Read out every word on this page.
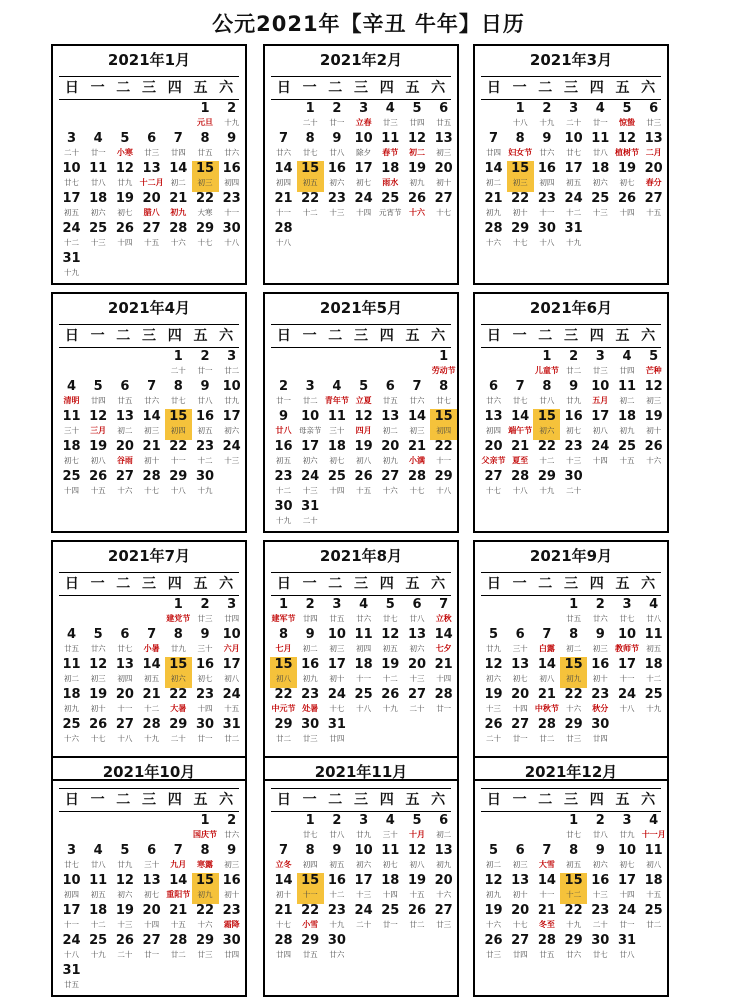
公元2021年【辛丑 牛年】日历
2021年1月
日 一 二 三 四 五 六
1
元旦
2
十九
3
二十
4
廿一
5
小寒
6
廿三
7
廿四
8
廿五
9
廿六
10
廿七
11
廿八
12
廿九
13
十二月
14
初二
15
初三
16
初四
17
初五
18
初六
19
初七
20
腊八
21
初九
22
大寒
23
十一
24
十二
25
十三
26
十四
27
十五
28
十六
29
十七
30
十八
31
十九
2021年2月
日 一 二 三 四 五 六
1
二十
2
廿一
3
立春
4
廿三
5
廿四
6
廿五
7
廿六
8
廿七
9
廿八
10
除夕
11
春节
12
初二
13
初三
14
初四
15
初五
16
初六
17
初七
18
雨水
19
初九
20
初十
21
十一
22
十二
23
十三
24
十四
25
元宵节
26
十六
27
十七
28
十八
2021年3月
日 一 二 三 四 五 六
1
十八
2
十九
3
二十
4
廿一
5
惊蛰
6
廿三
7
廿四
8
妇女节
9
廿六
10
廿七
11
廿八
12
植树节
13
二月
14
初二
15
初三
16
初四
17
初五
18
初六
19
初七
20
春分
21
初九
22
初十
23
十一
24
十二
25
十三
26
十四
27
十五
28
十六
29
十七
30
十八
31
十九
2021年4月
日 一 二 三 四 五 六
1
二十
2
廿一
3
廿二
4
清明
5
廿四
6
廿五
7
廿六
8
廿七
9
廿八
10
廿九
11
三十
12
三月
13
初二
14
初三
15
初四
16
初五
17
初六
18
初七
19
初八
20
谷雨
21
初十
22
十一
23
十二
24
十三
25
十四
26
十五
27
十六
28
十七
29
十八
30
十九
2021年5月
日 一 二 三 四 五 六
1
劳动节
2
廿一
3
廿二
4
青年节
5
立夏
6
廿五
7
廿六
8
廿七
9
廿八
10
母亲节
11
三十
12
四月
13
初二
14
初三
15
初四
16
初五
17
初六
18
初七
19
初八
20
初九
21
小满
22
十一
23
十二
24
十三
25
十四
26
十五
27
十六
28
十七
29
十八
30
十九
31
二十
2021年6月
日 一 二 三 四 五 六
1
儿童节
2
廿二
3
廿三
4
廿四
5
芒种
6
廿六
7
廿七
8
廿八
9
廿九
10
五月
11
初二
12
初三
13
初四
14
端午节
15
初六
16
初七
17
初八
18
初九
19
初十
20
父亲节
21
夏至
22
十二
23
十三
24
十四
25
十五
26
十六
27
十七
28
十八
29
十九
30
二十
2021年7月
日 一 二 三 四 五 六
1
建党节
2
廿三
3
廿四
4
廿五
5
廿六
6
廿七
7
小暑
8
廿九
9
三十
10
六月
11
初二
12
初三
13
初四
14
初五
15
初六
16
初七
17
初八
18
初九
19
初十
20
十一
21
十二
22
大暑
23
十四
24
十五
25
十六
26
十七
27
十八
28
十九
29
二十
30
廿一
31
廿二
2021年8月
日 一 二 三 四 五 六
1
建军节
2
廿四
3
廿五
4
廿六
5
廿七
6
廿八
7
立秋
8
七月
9
初二
10
初三
11
初四
12
初五
13
初六
14
七夕
15
初八
16
初九
17
初十
18
十一
19
十二
20
十三
21
十四
22
中元节
23
处暑
24
十七
25
十八
26
十九
27
二十
28
廿一
29
廿二
30
廿三
31
廿四
2021年9月
日 一 二 三 四 五 六
1
廿五
2
廿六
3
廿七
4
廿八
5
廿九
6
三十
7
白露
8
初二
9
初三
10
教师节
11
初五
12
初六
13
初七
14
初八
15
初九
16
初十
17
十一
18
十二
19
十三
20
十四
21
中秋节
22
十六
23
秋分
24
十八
25
十九
26
二十
27
廿一
28
廿二
29
廿三
30
廿四
2021年10月
日 一 二 三 四 五 六
1
国庆节
2
廿六
3
廿七
4
廿八
5
廿九
6
三十
7
九月
8
寒露
9
初三
10
初四
11
初五
12
初六
13
初七
14
重阳节
15
初九
16
初十
17
十一
18
十二
19
十三
20
十四
21
十五
22
十六
23
霜降
24
十八
25
十九
26
二十
27
廿一
28
廿二
29
廿三
30
廿四
31
廿五
2021年11月
日 一 二 三 四 五 六
1
廿七
2
廿八
3
廿九
4
三十
5
十月
6
初二
7
立冬
8
初四
9
初五
10
初六
11
初七
12
初八
13
初九
14
初十
15
十一
16
十二
17
十三
18
十四
19
十五
20
十六
21
十七
22
小雪
23
十九
24
二十
25
廿一
26
廿二
27
廿三
28
廿四
29
廿五
30
廿六
2021年12月
日 一 二 三 四 五 六
1
廿七
2
廿八
3
廿九
4
十一月
5
初二
6
初三
7
大雪
8
初五
9
初六
10
初七
11
初八
12
初九
13
初十
14
十一
15
十二
16
十三
17
十四
18
十五
19
十六
20
十七
21
冬至
22
十九
23
二十
24
廿一
25
廿二
26
廿三
27
廿四
28
廿五
29
廿六
30
廿七
31
廿八
